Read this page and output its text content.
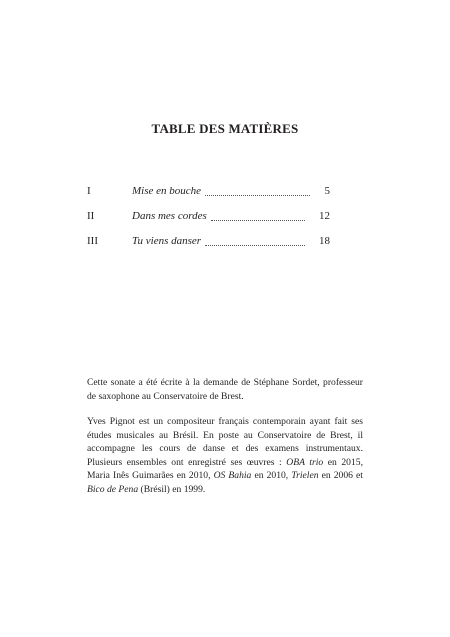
TABLE DES MATIÈRES
I	Mise en bouche	5
II	Dans mes cordes	12
III	Tu viens danser	18

Cette sonate a été écrite à la demande de Stéphane Sordet, professeur de saxophone au Conservatoire de Brest.

Yves Pignot est un compositeur français contemporain ayant fait ses études musicales au Brésil. En poste au Conservatoire de Brest, il accompagne les cours de danse et des examens instrumentaux. Plusieurs ensembles ont enregistré ses œuvres : OBA trio en 2015, Maria Inês Guimarães en 2010, OS Bahia en 2010, Trielen en 2006 et Bico de Pena (Brésil) en 1999.
